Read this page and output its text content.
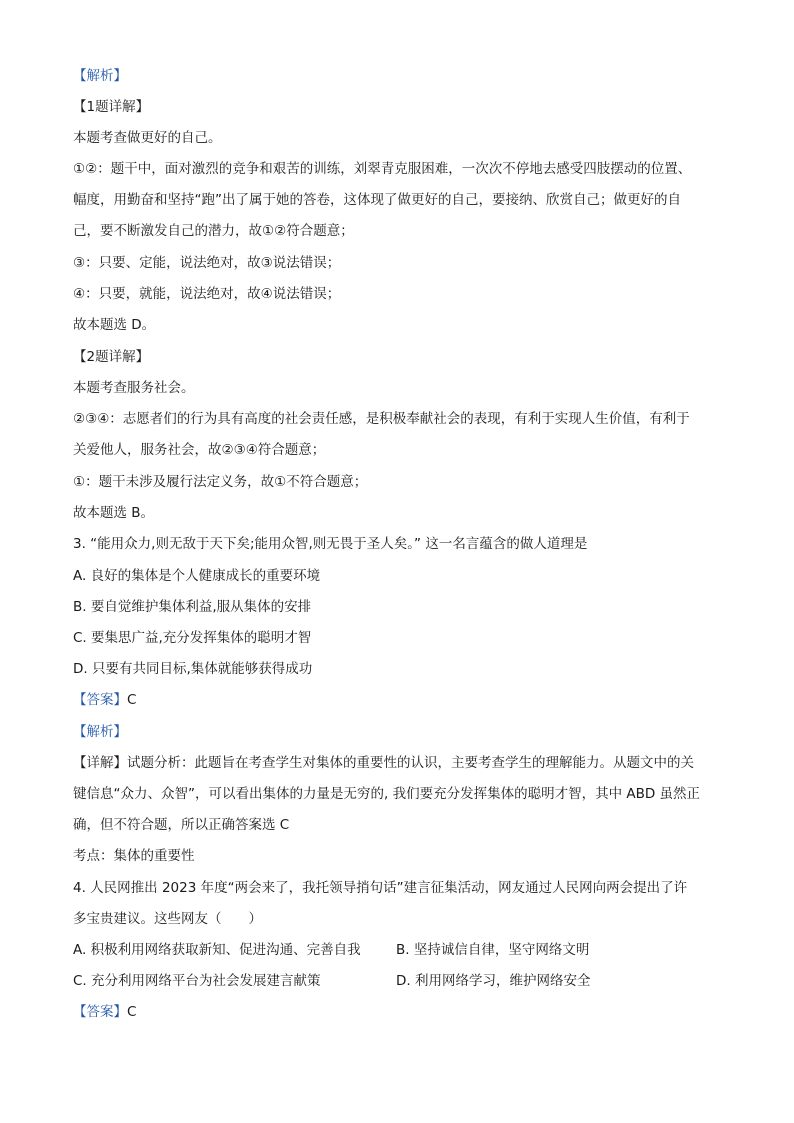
【解析】
【1题详解】
本题考查做更好的自己。
①②：题干中，面对激烈的竞争和艰苦的训练，刘翠青克服困难，一次次不停地去感受四肢摆动的位置、
幅度，用勤奋和坚持“跑”出了属于她的答卷，这体现了做更好的自己，要接纳、欣赏自己；做更好的自
己，要不断激发自己的潜力，故①②符合题意；
③：只要、定能，说法绝对，故③说法错误；
④：只要，就能，说法绝对，故④说法错误；
故本题选 D。
【2题详解】
本题考查服务社会。
②③④：志愿者们的行为具有高度的社会责任感，是积极奉献社会的表现，有利于实现人生价值，有利于
关爱他人，服务社会，故②③④符合题意；
①：题干未涉及履行法定义务，故①不符合题意；
故本题选 B。
3. “能用众力,则无敌于天下矣;能用众智,则无畏于圣人矣。” 这一名言蕴含的做人道理是
A. 良好的集体是个人健康成长的重要环境
B. 要自觉维护集体利益,服从集体的安排
C. 要集思广益,充分发挥集体的聪明才智
D. 只要有共同目标,集体就能够获得成功
【答案】C
【解析】
【详解】试题分析：此题旨在考查学生对集体的重要性的认识，主要考查学生的理解能力。从题文中的关
键信息“众力、众智”，可以看出集体的力量是无穷的, 我们要充分发挥集体的聪明才智，其中 ABD 虽然正
确，但不符合题，所以正确答案选 C
考点：集体的重要性
4. 人民网推出 2023 年度“两会来了，我托领导捎句话”建言征集活动，网友通过人民网向两会提出了许
多宝贵建议。这些网友（　　）
A. 积极利用网络获取新知、促进沟通、完善自我	B. 坚持诚信自律，坚守网络文明
C. 充分利用网络平台为社会发展建言献策	D. 利用网络学习，维护网络安全
【答案】C
